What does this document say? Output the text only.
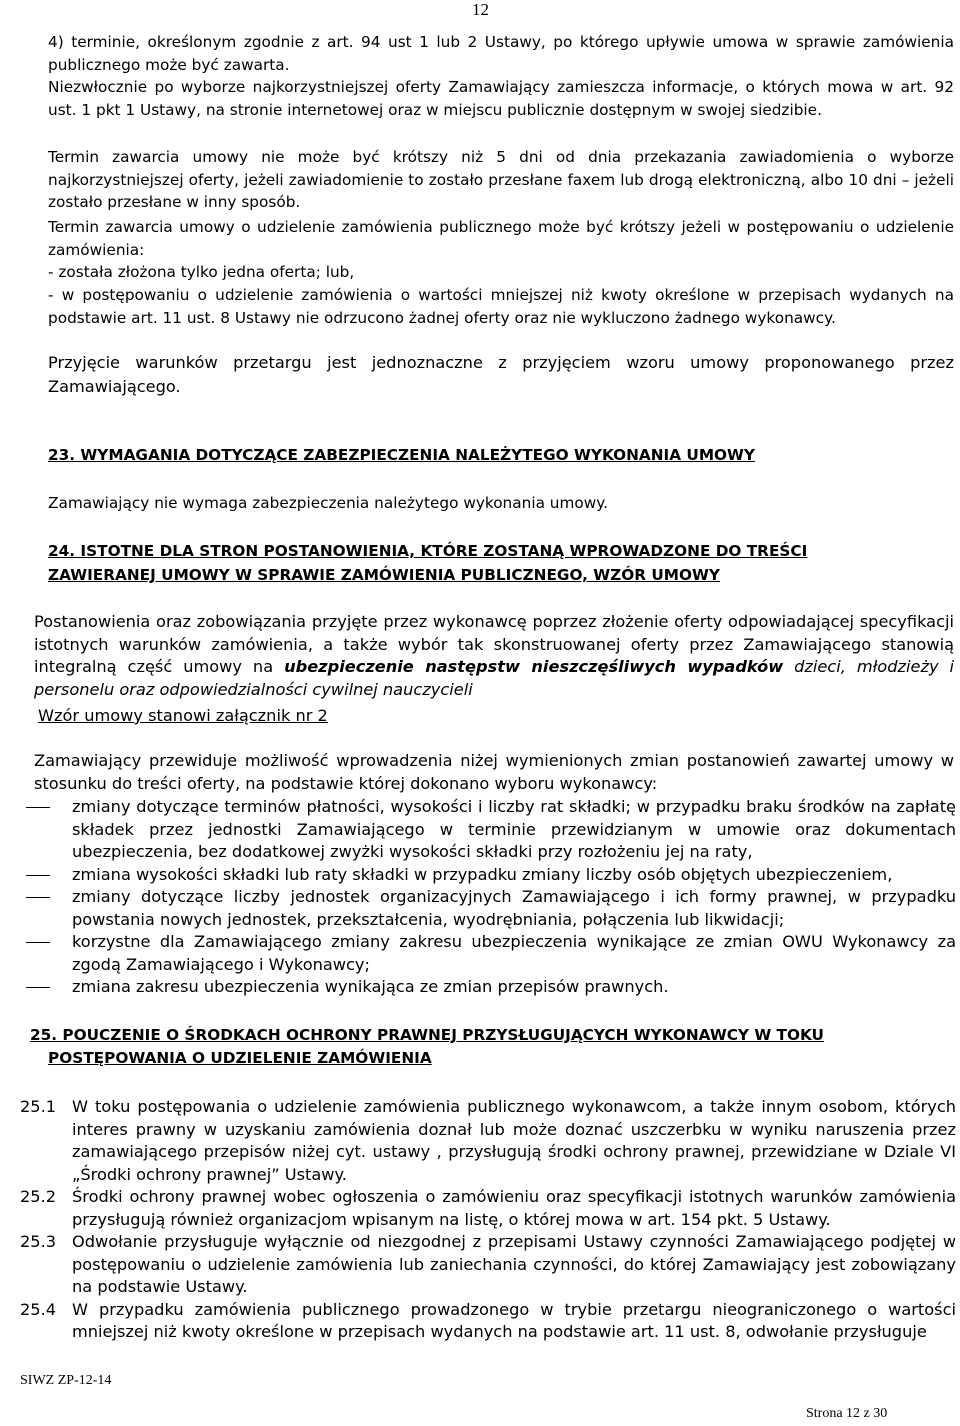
12

4) terminie, określonym zgodnie z art. 94 ust 1 lub 2 Ustawy, po którego upływie umowa w sprawie zamówienia publicznego może być zawarta.

Niezwłocznie po wyborze najkorzystniejszej oferty Zamawiający zamieszcza informacje, o których mowa w art. 92 ust. 1 pkt 1 Ustawy, na stronie internetowej oraz w miejscu publicznie dostępnym w swojej siedzibie.

Termin zawarcia umowy nie może być krótszy niż 5 dni od dnia przekazania zawiadomienia o wyborze najkorzystniejszej oferty, jeżeli zawiadomienie to zostało przesłane faxem lub drogą elektroniczną, albo 10 dni – jeżeli zostało przesłane w inny sposób.

Termin zawarcia umowy o udzielenie zamówienia publicznego może być krótszy jeżeli w postępowaniu o udzielenie zamówienia:

- została złożona tylko jedna oferta; lub,

- w postępowaniu o udzielenie zamówienia o wartości mniejszej niż kwoty określone w przepisach wydanych na podstawie art. 11 ust. 8 Ustawy nie odrzucono żadnej oferty oraz nie wykluczono żadnego wykonawcy.

Przyjęcie warunków przetargu jest jednoznaczne z przyjęciem wzoru umowy proponowanego przez Zamawiającego.

23. WYMAGANIA DOTYCZĄCE ZABEZPIECZENIA NALEŻYTEGO WYKONANIA UMOWY

Zamawiający nie wymaga zabezpieczenia należytego wykonania umowy.

24. ISTOTNE DLA STRON POSTANOWIENIA, KTÓRE ZOSTANĄ WPROWADZONE DO TREŚCI
ZAWIERANEJ UMOWY W SPRAWIE ZAMÓWIENIA PUBLICZNEGO, WZÓR UMOWY

Postanowienia oraz zobowiązania przyjęte przez wykonawcę poprzez złożenie oferty odpowiadającej specyfikacji istotnych warunków zamówienia, a także wybór tak skonstruowanej oferty przez Zamawiającego stanowią integralną część umowy na ubezpieczenie następstw nieszczęśliwych wypadków dzieci, młodzieży i personelu oraz odpowiedzialności cywilnej nauczycieli

Wzór umowy stanowi załącznik nr 2

Zamawiający przewiduje możliwość wprowadzenia niżej wymienionych zmian postanowień zawartej umowy w stosunku do treści oferty, na podstawie której dokonano wyboru wykonawcy:

zmiany dotyczące terminów płatności, wysokości i liczby rat składki; w przypadku braku środków na zapłatę składek przez jednostki Zamawiającego w terminie przewidzianym w umowie oraz dokumentach ubezpieczenia, bez dodatkowej zwyżki wysokości składki przy rozłożeniu jej na raty,
zmiana wysokości składki lub raty składki w przypadku zmiany liczby osób objętych ubezpieczeniem,
zmiany dotyczące liczby jednostek organizacyjnych Zamawiającego i ich formy prawnej, w przypadku powstania nowych jednostek, przekształcenia, wyodrębniania, połączenia lub likwidacji;
korzystne dla Zamawiającego zmiany zakresu ubezpieczenia wynikające ze zmian OWU Wykonawcy za zgodą Zamawiającego i Wykonawcy;
zmiana zakresu ubezpieczenia wynikająca ze zmian przepisów prawnych.
25. POUCZENIE O ŚRODKACH OCHRONY PRAWNEJ PRZYSŁUGUJĄCYCH WYKONAWCY W TOKU
POSTĘPOWANIA O UDZIELENIE ZAMÓWIENIA
25.1 W toku postępowania o udzielenie zamówienia publicznego wykonawcom, a także innym osobom, których interes prawny w uzyskaniu zamówienia doznał lub może doznać uszczerbku w wyniku naruszenia przez zamawiającego przepisów niżej cyt. ustawy , przysługują środki ochrony prawnej, przewidziane w Dziale VI „Środki ochrony prawnej” Ustawy.
25.2 Środki ochrony prawnej wobec ogłoszenia o zamówieniu oraz specyfikacji istotnych warunków zamówienia przysługują również organizacjom wpisanym na listę, o której mowa w art. 154 pkt. 5 Ustawy.
25.3 Odwołanie przysługuje wyłącznie od niezgodnej z przepisami Ustawy czynności Zamawiającego podjętej w postępowaniu o udzielenie zamówienia lub zaniechania czynności, do której Zamawiający jest zobowiązany na podstawie Ustawy.
25.4 W przypadku zamówienia publicznego prowadzonego w trybie przetargu nieograniczonego o wartości mniejszej niż kwoty określone w przepisach wydanych na podstawie art. 11 ust. 8, odwołanie przysługuje
SIWZ ZP-12-14
Strona 12 z 30
